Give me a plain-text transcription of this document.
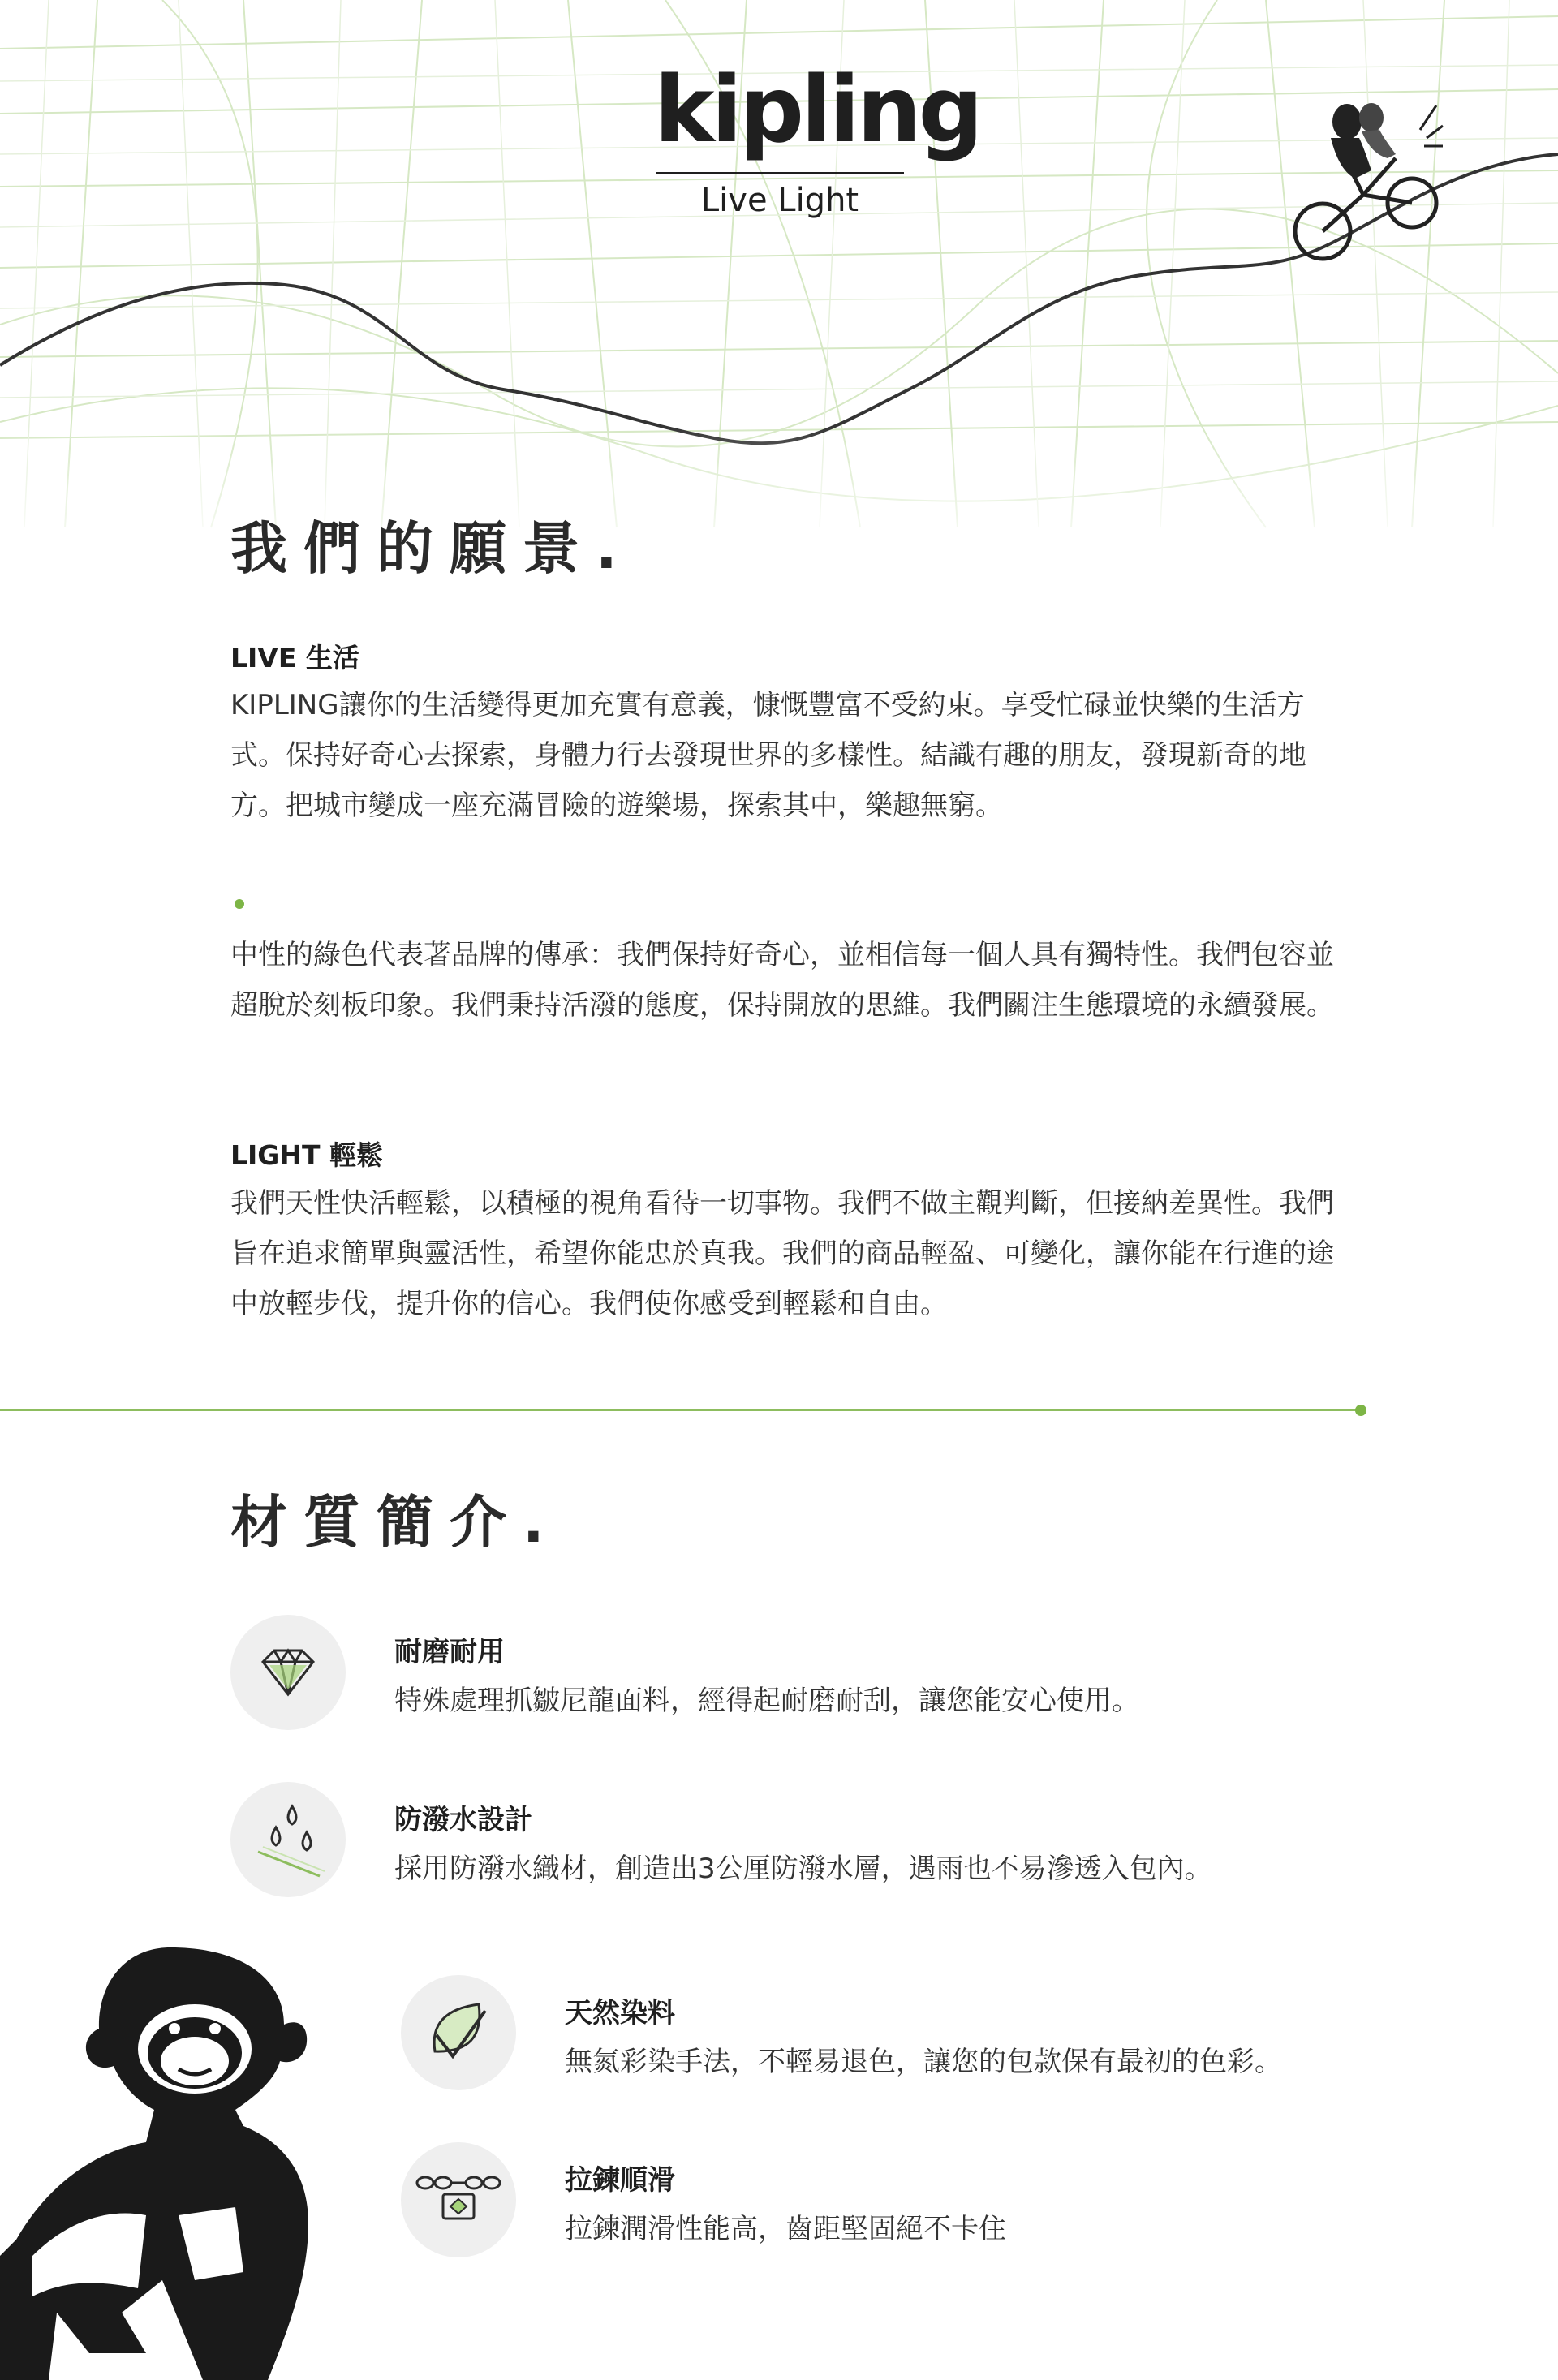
kipling
Live Light
我們的願景.
LIVE 生活

KIPLING讓你的生活變得更加充實有意義，慷慨豐富不受約束。享受忙碌並快樂的生活方式。保持好奇心去探索，身體力行去發現世界的多樣性。結識有趣的朋友，發現新奇的地方。把城市變成一座充滿冒險的遊樂場，探索其中，樂趣無窮。

中性的綠色代表著品牌的傳承：我們保持好奇心，並相信每一個人具有獨特性。我們包容並超脫於刻板印象。我們秉持活潑的態度，保持開放的思維。我們關注生態環境的永續發展。

LIGHT 輕鬆

我們天性快活輕鬆，以積極的視角看待一切事物。我們不做主觀判斷，但接納差異性。我們旨在追求簡單與靈活性，希望你能忠於真我。我們的商品輕盈、可變化，讓你能在行進的途中放輕步伐，提升你的信心。我們使你感受到輕鬆和自由。

材質簡介.
耐磨耐用

特殊處理抓皺尼龍面料，經得起耐磨耐刮，讓您能安心使用。

防潑水設計

採用防潑水織材，創造出3公厘防潑水層，遇雨也不易滲透入包內。

天然染料

無氮彩染手法，不輕易退色，讓您的包款保有最初的色彩。

拉鍊順滑

拉鍊潤滑性能高，齒距堅固絕不卡住
